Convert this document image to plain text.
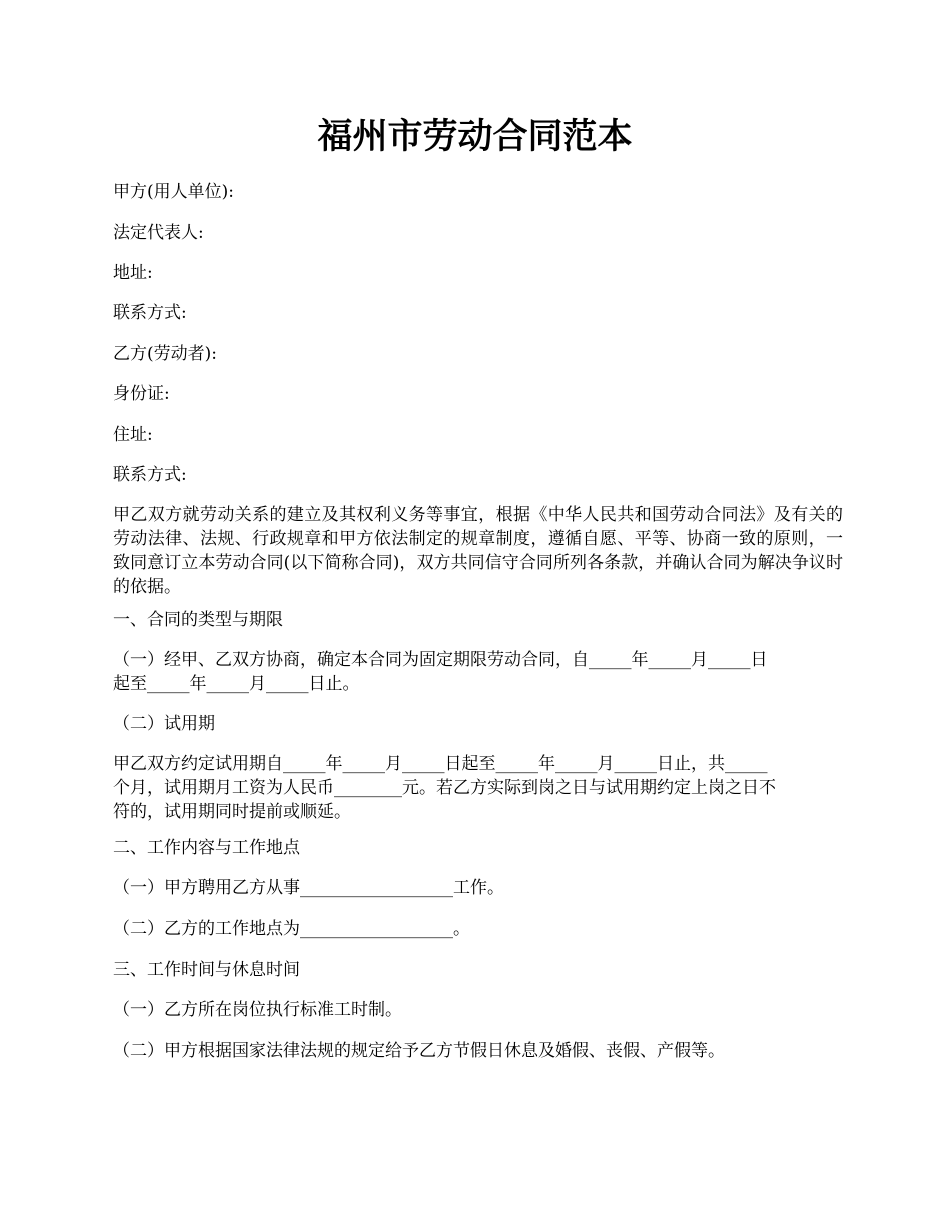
福州市劳动合同范本

甲方(用人单位):

法定代表人:

地址:

联系方式:

乙方(劳动者):

身份证:

住址:

联系方式:

甲乙双方就劳动关系的建立及其权利义务等事宜，根据《中华人民共和国劳动合同法》及有关的劳动法律、法规、行政规章和甲方依法制定的规章制度，遵循自愿、平等、协商一致的原则，一致同意订立本劳动合同(以下简称合同)，双方共同信守合同所列各条款，并确认合同为解决争议时的依据。

一、合同的类型与期限

（一）经甲、乙双方协商，确定本合同为固定期限劳动合同，自_____年_____月_____日

起至_____年_____月_____日止。

（二）试用期

甲乙双方约定试用期自_____年_____月_____日起至_____年_____月_____日止，共_____

个月，试用期月工资为人民币________元。若乙方实际到岗之日与试用期约定上岗之日不

符的，试用期同时提前或顺延。

二、工作内容与工作地点

（一）甲方聘用乙方从事__________________工作。

（二）乙方的工作地点为__________________。

三、工作时间与休息时间

（一）乙方所在岗位执行标准工时制。

（二）甲方根据国家法律法规的规定给予乙方节假日休息及婚假、丧假、产假等。
